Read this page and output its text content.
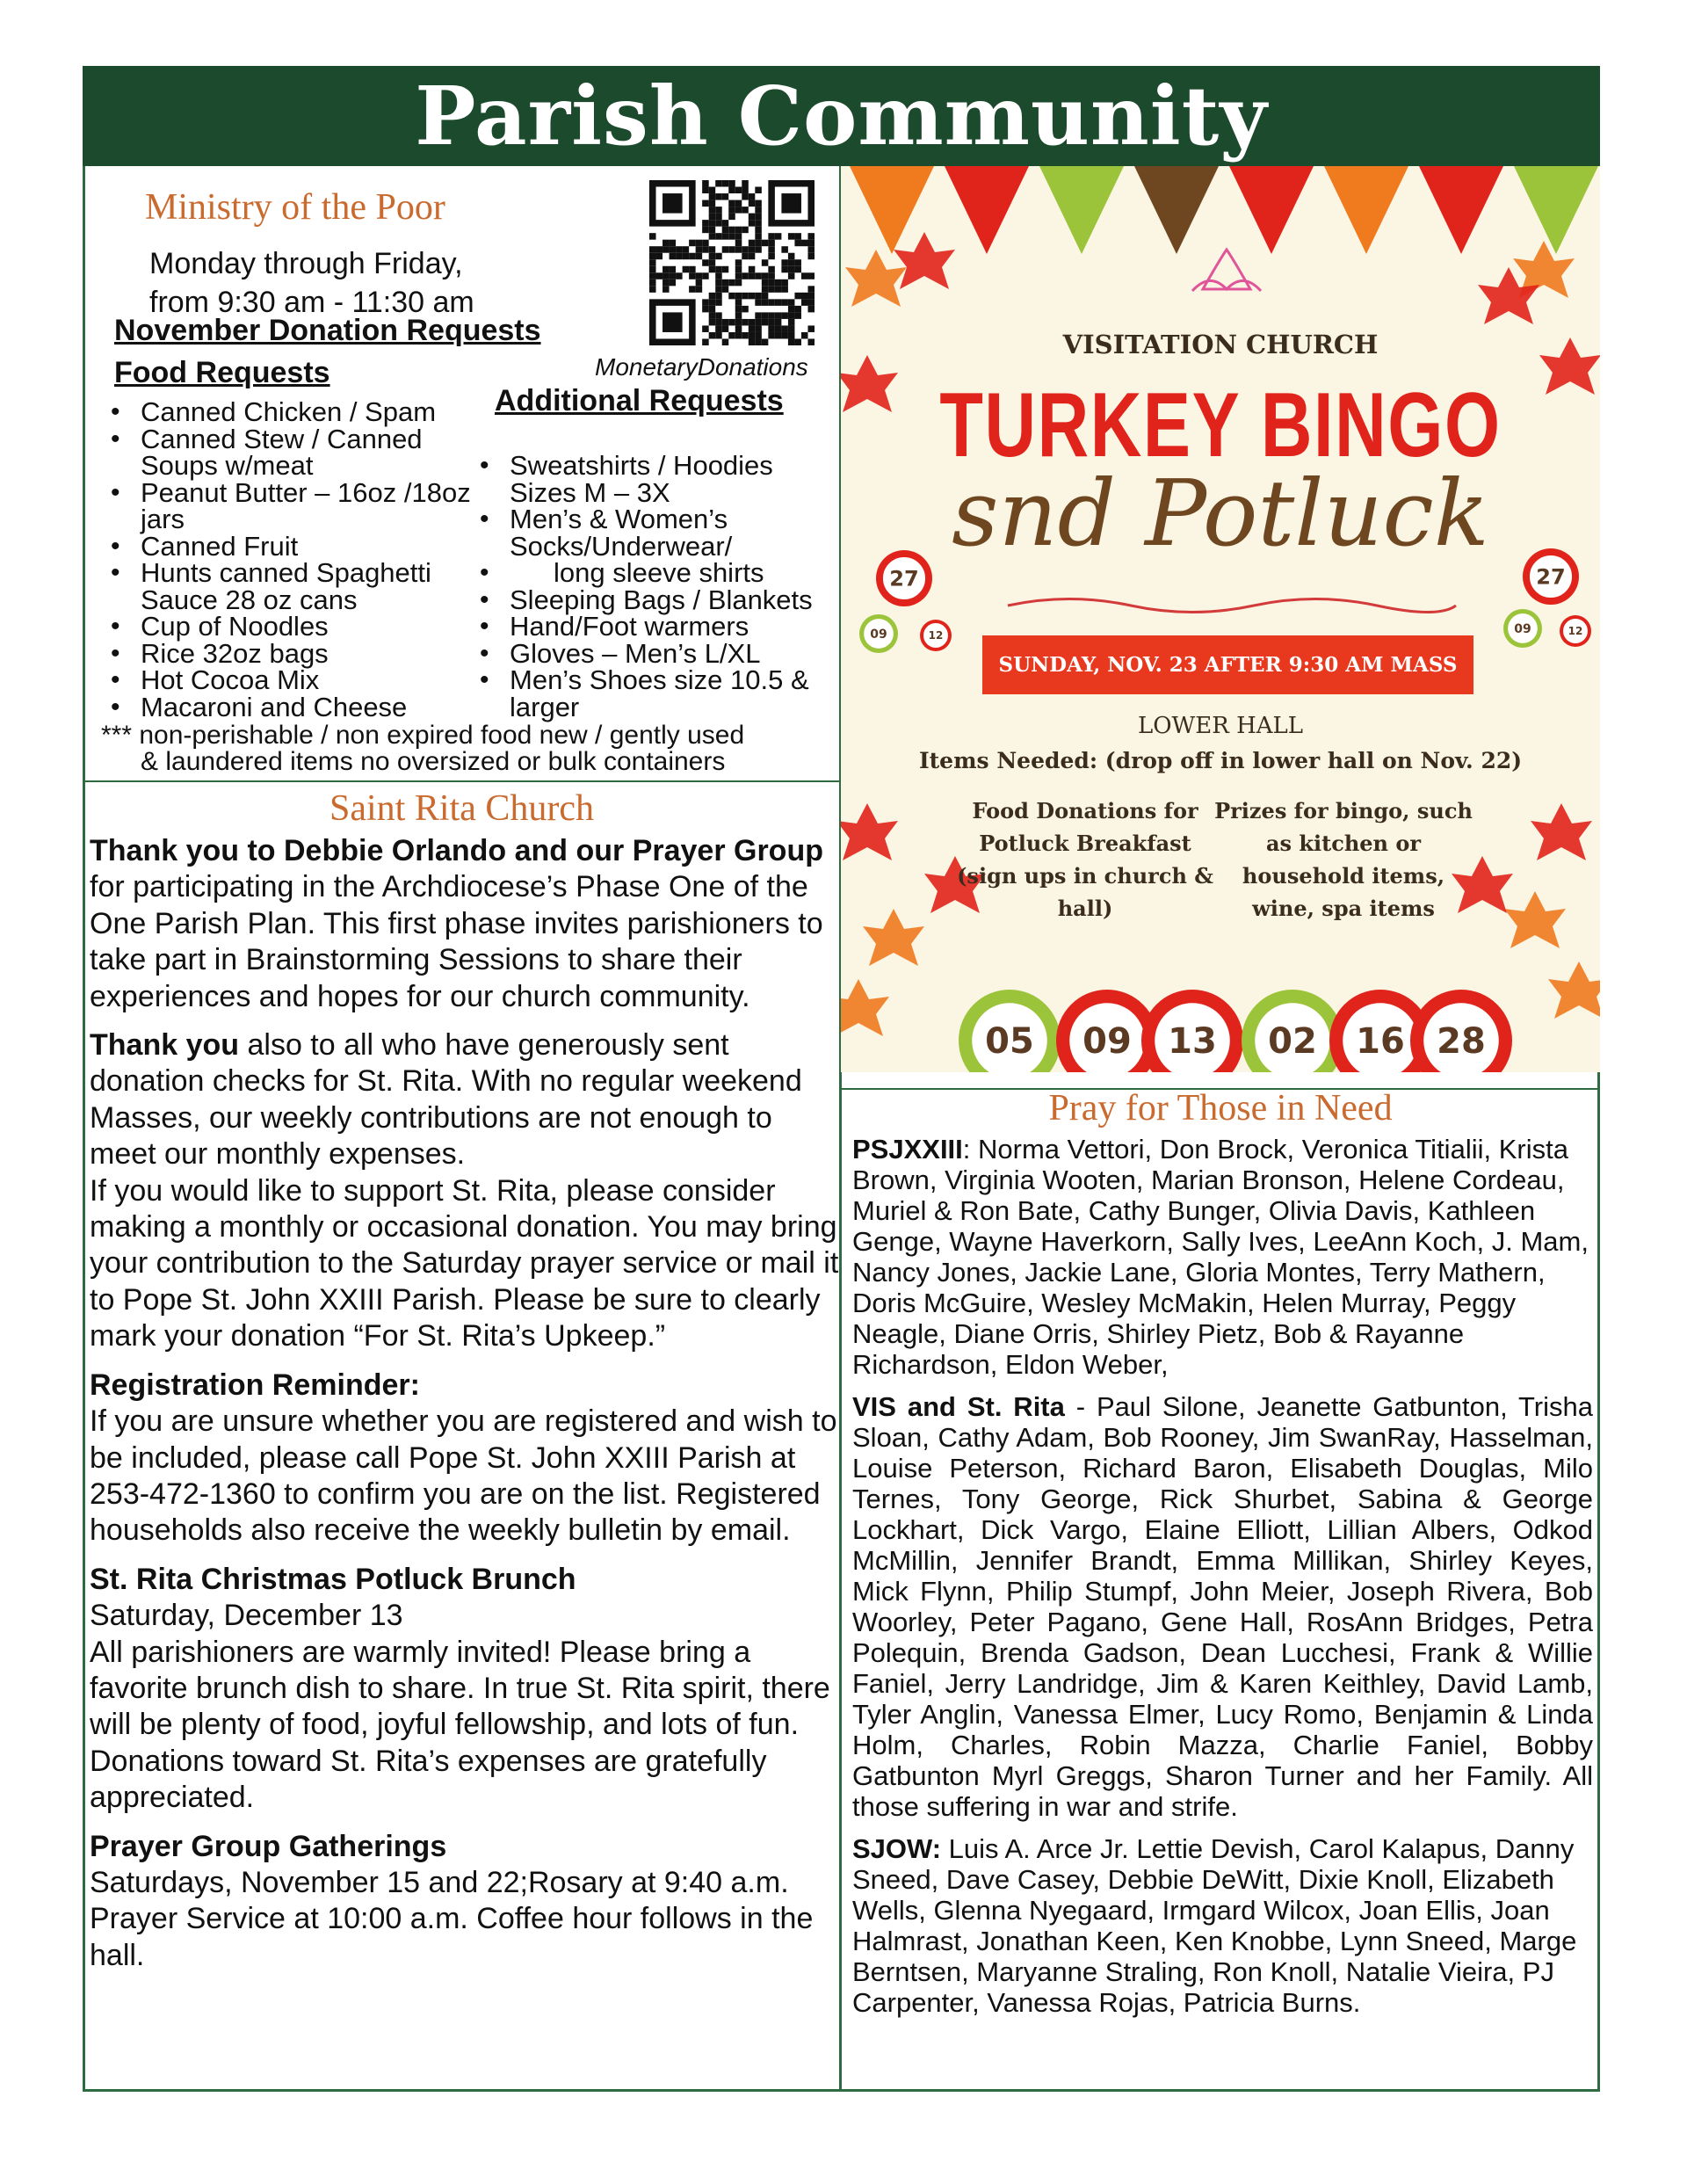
Parish Community
Ministry of the Poor
Monday through Friday,
from 9:30 am - 11:30 am
November Donation Requests
MonetaryDonations
Food Requests
• Canned Chicken / Spam
• Canned Stew / Canned Soups w/meat
• Peanut Butter – 16oz /18oz jars
• Canned Fruit
• Hunts canned Spaghetti Sauce 28 oz cans
• Cup of Noodles
• Rice 32oz bags
• Hot Cocoa Mix
• Macaroni and Cheese
Additional Requests
• Sweatshirts / Hoodies Sizes M – 3X
• Men’s & Women’s Socks/Underwear/
• long sleeve shirts
• Sleeping Bags / Blankets
• Hand/Foot warmers
• Gloves – Men’s L/XL
• Men’s Shoes size 10.5 & larger
*** non-perishable / non expired food new / gently used
& laundered items no oversized or bulk containers
Saint Rita Church

Thank you to Debbie Orlando and our Prayer Group for participating in the Archdiocese’s Phase One of the One Parish Plan. This first phase invites parishioners to take part in Brainstorming Sessions to share their experiences and hopes for our church community.

Thank you also to all who have generously sent donation checks for St. Rita. With no regular weekend Masses, our weekly contributions are not enough to meet our monthly expenses.

If you would like to support St. Rita, please consider making a monthly or occasional donation. You may bring your contribution to the Saturday prayer service or mail it to Pope St. John XXIII Parish. Please be sure to clearly mark your donation “For St. Rita’s Upkeep.”

Registration Reminder:
If you are unsure whether you are registered and wish to be included, please call Pope St. John XXIII Parish at 253-472-1360 to confirm you are on the list. Registered households also receive the weekly bulletin by email.

St. Rita Christmas Potluck Brunch
Saturday, December 13
All parishioners are warmly invited! Please bring a favorite brunch dish to share. In true St. Rita spirit, there will be plenty of food, joyful fellowship, and lots of fun. Donations toward St. Rita’s expenses are gratefully appreciated.

Prayer Group Gatherings
Saturdays, November 15 and 22;Rosary at 9:40 a.m. Prayer Service at 10:00 a.m. Coffee hour follows in the hall.

05 09 13 02 16 28
27
09	12
27
09	12
VISITATION CHURCH
TURKEY BINGO
snd Potluck
SUNDAY, NOV. 23 AFTER 9:30 AM MASS
LOWER HALL
Items Needed: (drop off in lower hall on Nov. 22)
Food Donations for Potluck Breakfast (sign ups in church & hall)
Prizes for bingo, such as kitchen or household items, wine, spa items
Pray for Those in Need

PSJXXIII: Norma Vettori, Don Brock, Veronica Titialii, Krista Brown, Virginia Wooten, Marian Bronson, Helene Cordeau, Muriel & Ron Bate, Cathy Bunger, Olivia Davis, Kathleen Genge, Wayne Haverkorn, Sally Ives, LeeAnn Koch, J. Mam, Nancy Jones, Jackie Lane, Gloria Montes, Terry Mathern, Doris McGuire, Wesley McMakin, Helen Murray, Peggy Neagle, Diane Orris, Shirley Pietz, Bob & Rayanne Richardson, Eldon Weber,

VIS and St. Rita - Paul Silone, Jeanette Gatbunton, Trisha Sloan, Cathy Adam, Bob Rooney, Jim SwanRay, Hasselman, Louise Peterson, Richard Baron, Elisabeth Douglas, Milo Ternes, Tony George, Rick Shurbet, Sabina & George Lockhart, Dick Vargo, Elaine Elliott, Lillian Albers, Odkod McMillin, Jennifer Brandt, Emma Millikan, Shirley Keyes, Mick Flynn, Philip Stumpf, John Meier, Joseph Rivera, Bob Woorley, Peter Pagano, Gene Hall, RosAnn Bridges, Petra Polequin, Brenda Gadson, Dean Lucchesi, Frank & Willie Faniel, Jerry Landridge, Jim & Karen Keithley, David Lamb, Tyler Anglin, Vanessa Elmer, Lucy Romo, Benjamin & Linda Holm, Charles, Robin Mazza, Charlie Faniel, Bobby Gatbunton Myrl Greggs, Sharon Turner and her Family. All those suffering in war and strife.

SJOW: Luis A. Arce Jr. Lettie Devish, Carol Kalapus, Danny Sneed, Dave Casey, Debbie DeWitt, Dixie Knoll, Elizabeth Wells, Glenna Nyegaard, Irmgard Wilcox, Joan Ellis, Joan Halmrast, Jonathan Keen, Ken Knobbe, Lynn Sneed, Marge Berntsen, Maryanne Straling, Ron Knoll, Natalie Vieira, PJ Carpenter, Vanessa Rojas, Patricia Burns.
